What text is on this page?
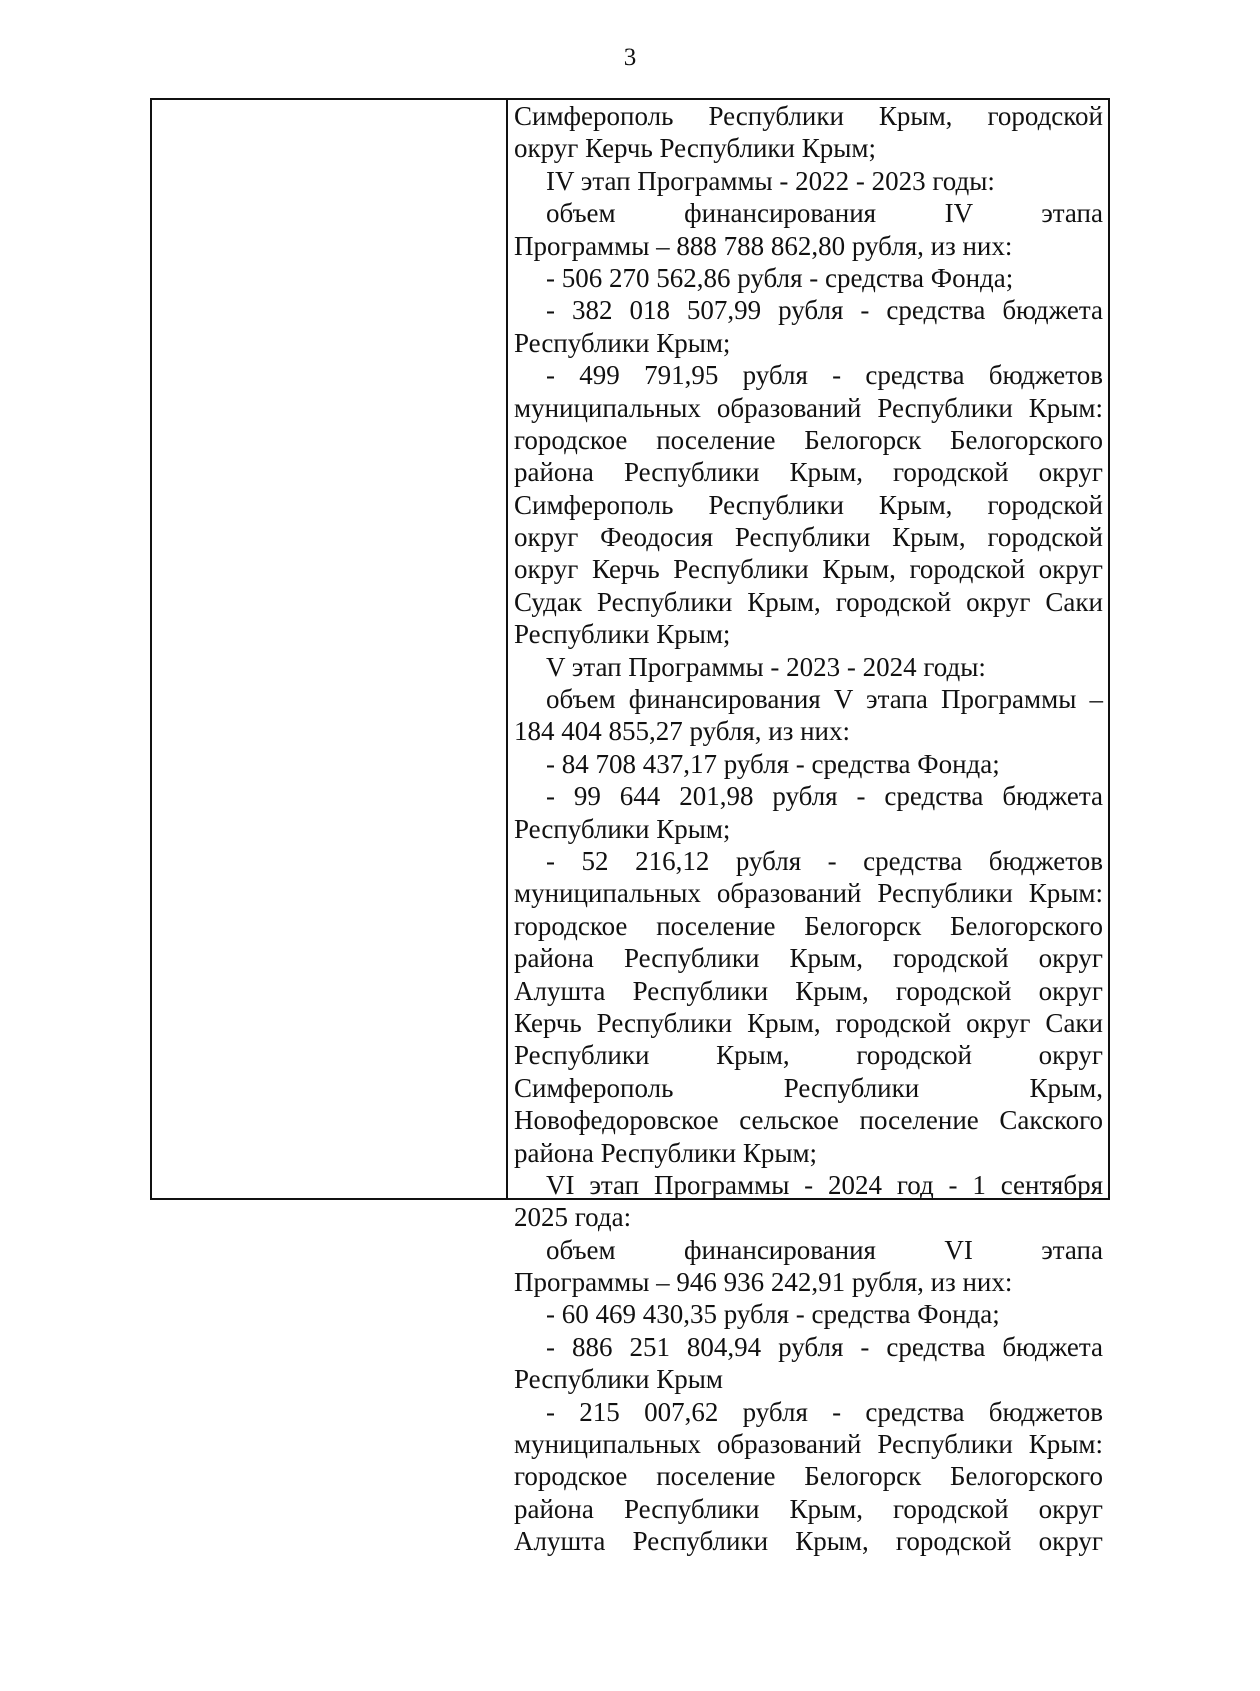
3
Симферополь Республики Крым, городской
округ Керчь Республики Крым;
IV этап Программы - 2022 - 2023 годы:
объем финансирования IV этапа
Программы – 888 788 862,80 рубля, из них:
- 506 270 562,86 рубля - средства Фонда;
- 382 018 507,99 рубля - средства бюджета
Республики Крым;
- 499 791,95 рубля - средства бюджетов
муниципальных образований Республики Крым:
городское поселение Белогорск Белогорского
района Республики Крым, городской округ
Симферополь Республики Крым, городской
округ Феодосия Республики Крым, городской
округ Керчь Республики Крым, городской округ
Судак Республики Крым, городской округ Саки
Республики Крым;
V этап Программы - 2023 - 2024 годы:
объем финансирования V этапа Программы –
184 404 855,27 рубля, из них:
- 84 708 437,17 рубля - средства Фонда;
- 99 644 201,98 рубля - средства бюджета
Республики Крым;
- 52 216,12 рубля - средства бюджетов
муниципальных образований Республики Крым:
городское поселение Белогорск Белогорского
района Республики Крым, городской округ
Алушта Республики Крым, городской округ
Керчь Республики Крым, городской округ Саки
Республики Крым, городской округ
Симферополь Республики Крым,
Новофедоровское сельское поселение Сакского
района Республики Крым;
VI этап Программы - 2024 год - 1 сентября
2025 года:
объем финансирования VI этапа
Программы – 946 936 242,91 рубля, из них:
- 60 469 430,35 рубля - средства Фонда;
- 886 251 804,94 рубля - средства бюджета
Республики Крым
- 215 007,62 рубля - средства бюджетов
муниципальных образований Республики Крым:
городское поселение Белогорск Белогорского
района Республики Крым, городской округ
Алушта Республики Крым, городской округ
